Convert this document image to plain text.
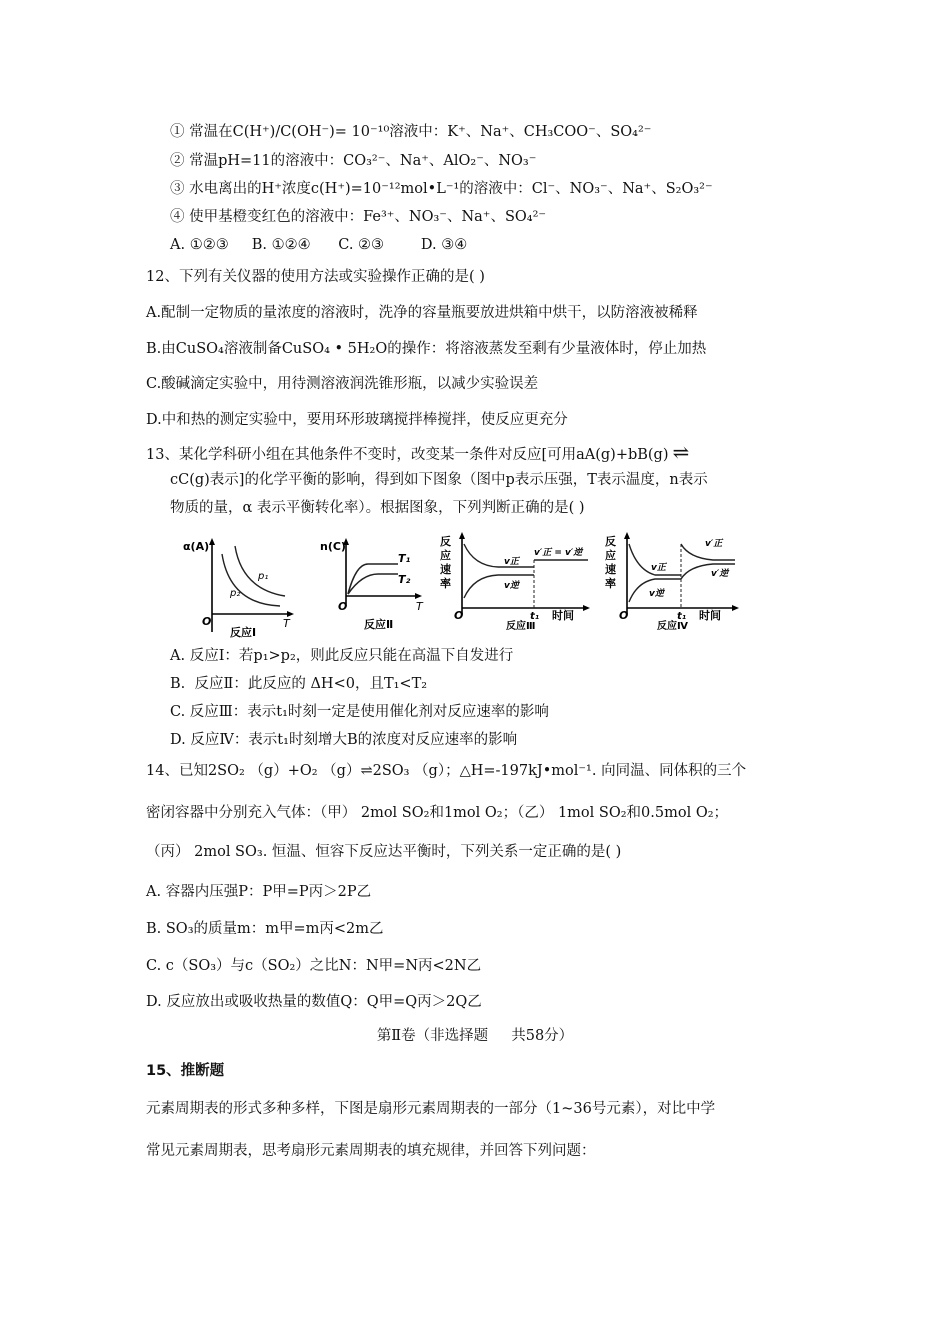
① 常温在C(H⁺)/C(OH⁻)= 10⁻¹⁰溶液中：K⁺、Na⁺、CH₃COO⁻、SO₄²⁻
② 常温pH=11的溶液中：CO₃²⁻、Na⁺、AlO₂⁻、NO₃⁻
③ 水电离出的H⁺浓度c(H⁺)=10⁻¹²mol•L⁻¹的溶液中：Cl⁻、NO₃⁻、Na⁺、S₂O₃²⁻
④ 使甲基橙变红色的溶液中：Fe³⁺、NO₃⁻、Na⁺、SO₄²⁻
A. ①②③     B. ①②④      C. ②③        D. ③④
12、下列有关仪器的使用方法或实验操作正确的是( )
A.配制一定物质的量浓度的溶液时，洗净的容量瓶要放进烘箱中烘干，以防溶液被稀释
B.由CuSO₄溶液制备CuSO₄ • 5H₂O的操作：将溶液蒸发至剩有少量液体时，停止加热
C.酸碱滴定实验中，用待测溶液润洗锥形瓶，以减少实验误差
D.中和热的测定实验中，要用环形玻璃搅拌棒搅拌，使反应更充分
13、某化学科研小组在其他条件不变时，改变某一条件对反应[可用aA(g)+bB(g) ⇌
cC(g)表示]的化学平衡的影响，得到如下图象（图中p表示压强，T表示温度，n表示
物质的量，α 表示平衡转化率）。根据图象，下列判断正确的是( )
α(A)
p₁
p₂
O	T
反应Ⅰ
n(C)
T₁
T₂
O	T
反应Ⅱ
反
应
速
率
v′正 = v′逆
v正
v逆
O	t₁ 时间
反应Ⅲ
反
应
速
率
v′正
v′逆
v正
v逆
O	t₁ 时间
反应Ⅳ
A. 反应Ⅰ：若p₁>p₂，则此反应只能在高温下自发进行
B.  反应Ⅱ：此反应的 ΔH<0，且T₁<T₂
C. 反应Ⅲ：表示t₁时刻一定是使用催化剂对反应速率的影响
D. 反应Ⅳ：表示t₁时刻增大B的浓度对反应速率的影响
14、已知2SO₂ （g）+O₂ （g）⇌2SO₃ （g）；△H=-197kJ•mol⁻¹. 向同温、同体积的三个
密闭容器中分别充入气体：（甲） 2mol SO₂和1mol O₂；（乙） 1mol SO₂和0.5mol O₂；
（丙） 2mol SO₃. 恒温、恒容下反应达平衡时，下列关系一定正确的是( )
A. 容器内压强P：P甲=P丙＞2P乙
B. SO₃的质量m：m甲=m丙<2m乙
C. c（SO₃）与c（SO₂）之比N：N甲=N丙<2N乙
D. 反应放出或吸收热量的数值Q：Q甲=Q丙＞2Q乙
第Ⅱ卷（非选择题     共58分）
15、推断题
元素周期表的形式多种多样，下图是扇形元素周期表的一部分（1~36号元素），对比中学
常见元素周期表，思考扇形元素周期表的填充规律，并回答下列问题：
